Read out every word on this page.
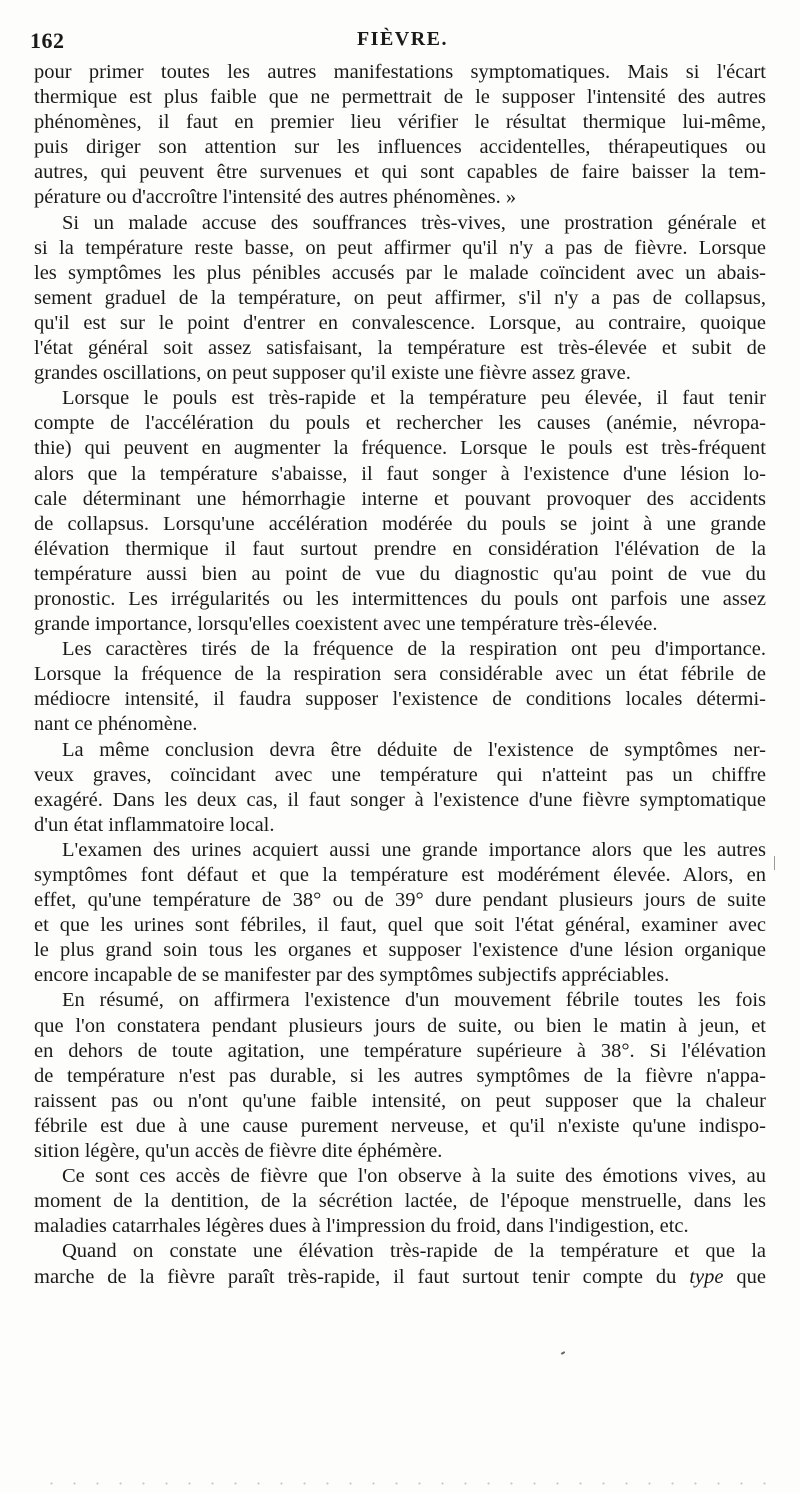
162	FIÈVRE.
pour primer toutes les autres manifestations symptomatiques. Mais si l'écart
thermique est plus faible que ne permettrait de le supposer l'intensité des autres
phénomènes, il faut en premier lieu vérifier le résultat thermique lui-même,
puis diriger son attention sur les influences accidentelles, thérapeutiques ou
autres, qui peuvent être survenues et qui sont capables de faire baisser la tem-
pérature ou d'accroître l'intensité des autres phénomènes. »
Si un malade accuse des souffrances très-vives, une prostration générale et
si la température reste basse, on peut affirmer qu'il n'y a pas de fièvre. Lorsque
les symptômes les plus pénibles accusés par le malade coïncident avec un abais-
sement graduel de la température, on peut affirmer, s'il n'y a pas de collapsus,
qu'il est sur le point d'entrer en convalescence. Lorsque, au contraire, quoique
l'état général soit assez satisfaisant, la température est très-élevée et subit de
grandes oscillations, on peut supposer qu'il existe une fièvre assez grave.
Lorsque le pouls est très-rapide et la température peu élevée, il faut tenir
compte de l'accélération du pouls et rechercher les causes (anémie, névropa-
thie) qui peuvent en augmenter la fréquence. Lorsque le pouls est très-fréquent
alors que la température s'abaisse, il faut songer à l'existence d'une lésion lo-
cale déterminant une hémorrhagie interne et pouvant provoquer des accidents
de collapsus. Lorsqu'une accélération modérée du pouls se joint à une grande
élévation thermique il faut surtout prendre en considération l'élévation de la
température aussi bien au point de vue du diagnostic qu'au point de vue du
pronostic. Les irrégularités ou les intermittences du pouls ont parfois une assez
grande importance, lorsqu'elles coexistent avec une température très-élevée.
Les caractères tirés de la fréquence de la respiration ont peu d'importance.
Lorsque la fréquence de la respiration sera considérable avec un état fébrile de
médiocre intensité, il faudra supposer l'existence de conditions locales détermi-
nant ce phénomène.
La même conclusion devra être déduite de l'existence de symptômes ner-
veux graves, coïncidant avec une température qui n'atteint pas un chiffre
exagéré. Dans les deux cas, il faut songer à l'existence d'une fièvre symptomatique
d'un état inflammatoire local.
L'examen des urines acquiert aussi une grande importance alors que les autres
symptômes font défaut et que la température est modérément élevée. Alors, en
effet, qu'une température de 38° ou de 39° dure pendant plusieurs jours de suite
et que les urines sont fébriles, il faut, quel que soit l'état général, examiner avec
le plus grand soin tous les organes et supposer l'existence d'une lésion organique
encore incapable de se manifester par des symptômes subjectifs appréciables.
En résumé, on affirmera l'existence d'un mouvement fébrile toutes les fois
que l'on constatera pendant plusieurs jours de suite, ou bien le matin à jeun, et
en dehors de toute agitation, une température supérieure à 38°. Si l'élévation
de température n'est pas durable, si les autres symptômes de la fièvre n'appa-
raissent pas ou n'ont qu'une faible intensité, on peut supposer que la chaleur
fébrile est due à une cause purement nerveuse, et qu'il n'existe qu'une indispo-
sition légère, qu'un accès de fièvre dite éphémère.
Ce sont ces accès de fièvre que l'on observe à la suite des émotions vives, au
moment de la dentition, de la sécrétion lactée, de l'époque menstruelle, dans les
maladies catarrhales légères dues à l'impression du froid, dans l'indigestion, etc.
Quand on constate une élévation très-rapide de la température et que la
marche de la fièvre paraît très-rapide, il faut surtout tenir compte du type que
